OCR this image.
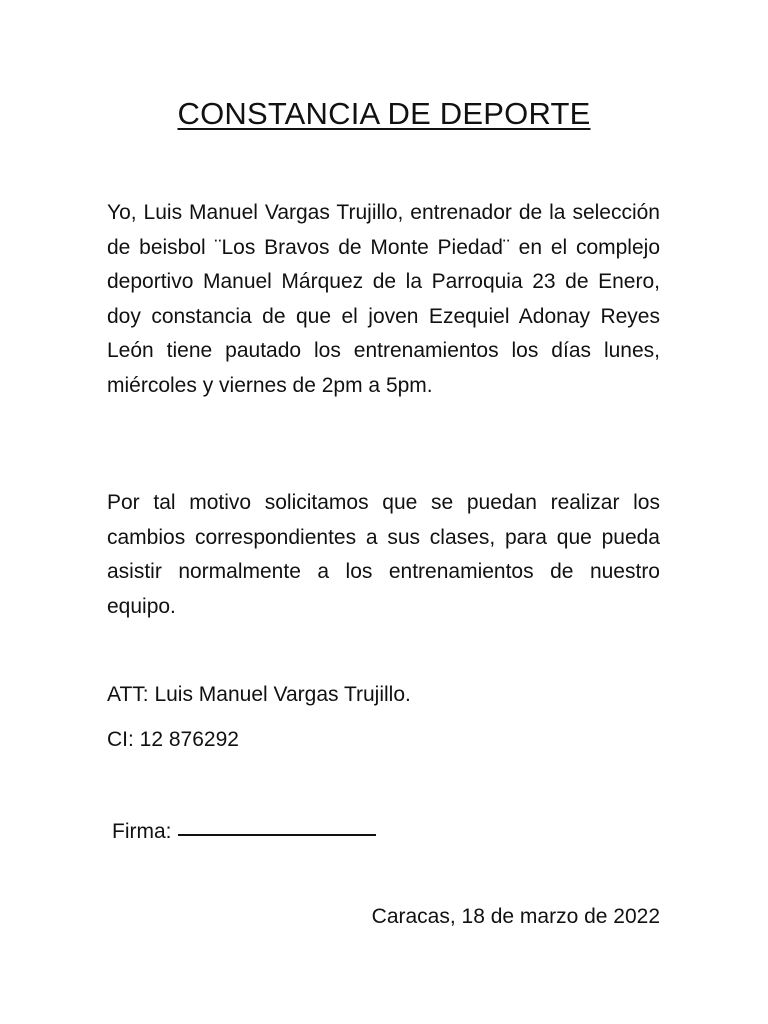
CONSTANCIA DE DEPORTE

Yo, Luis Manuel Vargas Trujillo, entrenador de la selección de beisbol ¨Los Bravos de Monte Piedad¨ en el complejo deportivo Manuel Márquez de la Parroquia 23 de Enero, doy constancia de que el joven Ezequiel Adonay Reyes León tiene pautado los entrenamientos los días lunes, miércoles y viernes de 2pm a 5pm.

Por tal motivo solicitamos que se puedan realizar los cambios correspondientes a sus clases, para que pueda asistir normalmente a los entrenamientos de nuestro equipo.

ATT: Luis Manuel Vargas Trujillo.
CI: 12 876292
Firma:
Caracas, 18 de marzo de 2022
